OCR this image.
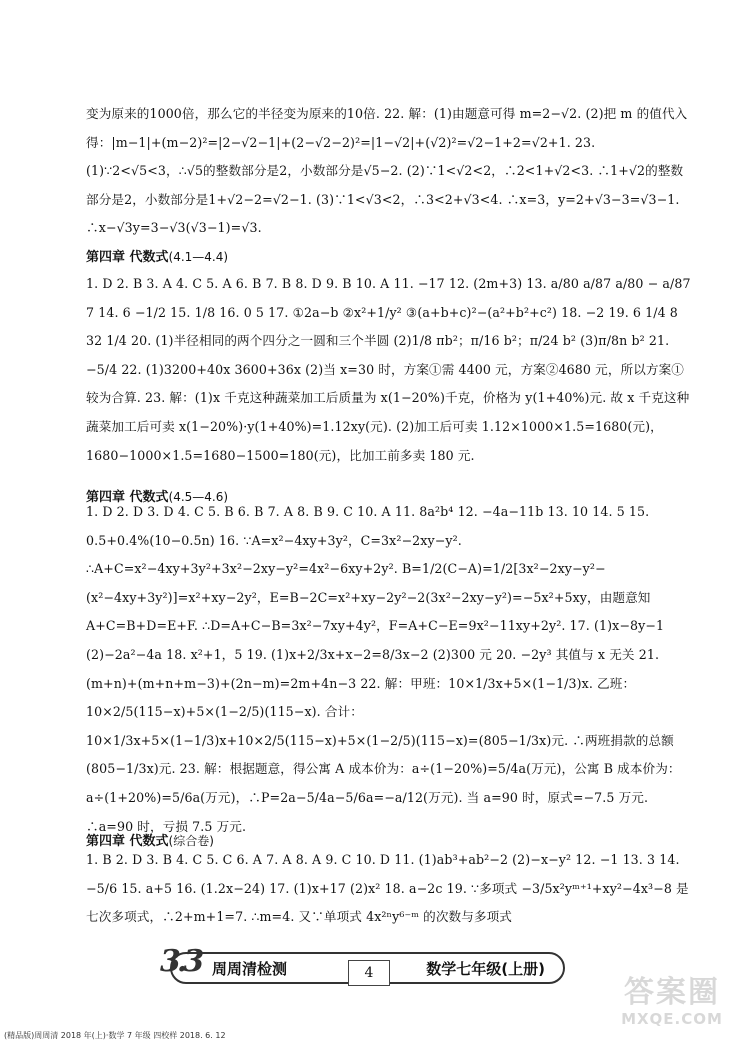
变为原来的1000倍，那么它的半径变为原来的10倍. 22. 解：(1)由题意可得 m=2−√2. (2)把 m 的值代入得：|m−1|+(m−2)²=|2−√2−1|+(2−√2−2)²=|1−√2|+(√2)²=√2−1+2=√2+1. 23. (1)∵2<√5<3，∴√5的整数部分是2，小数部分是√5−2. (2)∵1<√2<2，∴2<1+√2<3. ∴1+√2的整数部分是2，小数部分是1+√2−2=√2−1. (3)∵1<√3<2，∴3<2+√3<4. ∴x=3，y=2+√3−3=√3−1. ∴x−√3y=3−√3(√3−1)=√3.

第四章 代数式(4.1—4.4)

1. D 2. B 3. A 4. C 5. A 6. B 7. B 8. D 9. B 10. A 11. −17 12. (2m+3) 13. a/80 a/87 a/80 − a/87 7 14. 6 −1/2 15. 1/8 16. 0 5 17. ①2a−b ②x²+1/y² ③(a+b+c)²−(a²+b²+c²) 18. −2 19. 6 1/4 8 32 1/4 20. (1)半径相同的两个四分之一圆和三个半圆 (2)1/8 πb²；π/16 b²；π/24 b² (3)π/8n b² 21. −5/4 22. (1)3200+40x 3600+36x (2)当 x=30 时，方案①需 4400 元，方案②4680 元，所以方案①较为合算. 23. 解：(1)x 千克这种蔬菜加工后质量为 x(1−20%)千克，价格为 y(1+40%)元. 故 x 千克这种蔬菜加工后可卖 x(1−20%)·y(1+40%)=1.12xy(元). (2)加工后可卖 1.12×1000×1.5=1680(元)，1680−1000×1.5=1680−1500=180(元)，比加工前多卖 180 元.

第四章 代数式(4.5—4.6)

1. D 2. D 3. D 4. C 5. B 6. B 7. A 8. B 9. C 10. A 11. 8a²b⁴ 12. −4a−11b 13. 10 14. 5 15. 0.5+0.4%(10−0.5n) 16. ∵A=x²−4xy+3y²，C=3x²−2xy−y². ∴A+C=x²−4xy+3y²+3x²−2xy−y²=4x²−6xy+2y². B=1/2(C−A)=1/2[3x²−2xy−y²−(x²−4xy+3y²)]=x²+xy−2y²，E=B−2C=x²+xy−2y²−2(3x²−2xy−y²)=−5x²+5xy，由题意知 A+C=B+D=E+F. ∴D=A+C−B=3x²−7xy+4y²，F=A+C−E=9x²−11xy+2y². 17. (1)x−8y−1 (2)−2a²−4a 18. x²+1，5 19. (1)x+2/3x+x−2=8/3x−2 (2)300 元 20. −2y³ 其值与 x 无关 21. (m+n)+(m+n+m−3)+(2n−m)=2m+4n−3 22. 解：甲班：10×1/3x+5×(1−1/3)x. 乙班：10×2/5(115−x)+5×(1−2/5)(115−x). 合计：10×1/3x+5×(1−1/3)x+10×2/5(115−x)+5×(1−2/5)(115−x)=(805−1/3x)元. ∴两班捐款的总额(805−1/3x)元. 23. 解：根据题意，得公寓 A 成本价为：a÷(1−20%)=5/4a(万元)，公寓 B 成本价为：a÷(1+20%)=5/6a(万元)，∴P=2a−5/4a−5/6a=−a/12(万元). 当 a=90 时，原式=−7.5 万元. ∴a=90 时，亏损 7.5 万元.

第四章 代数式(综合卷)

1. B 2. D 3. B 4. C 5. C 6. A 7. A 8. A 9. C 10. D 11. (1)ab³+ab²−2 (2)−x−y² 12. −1 13. 3 14. −5/6 15. a+5 16. (1.2x−24) 17. (1)x+17 (2)x² 18. a−2c 19. ∵多项式 −3/5x²yᵐ⁺¹+xy²−4x³−8 是七次多项式，∴2+m+1=7. ∴m=4. 又∵单项式 4x²ⁿy⁶⁻ᵐ 的次数与多项式

周周清检测	数学七年级(上册)
3.3	4
(精品版)周周清 2018 年(上)·数学 7 年级 四校样 2018. 6. 12
答案圈
MXQE.COM
